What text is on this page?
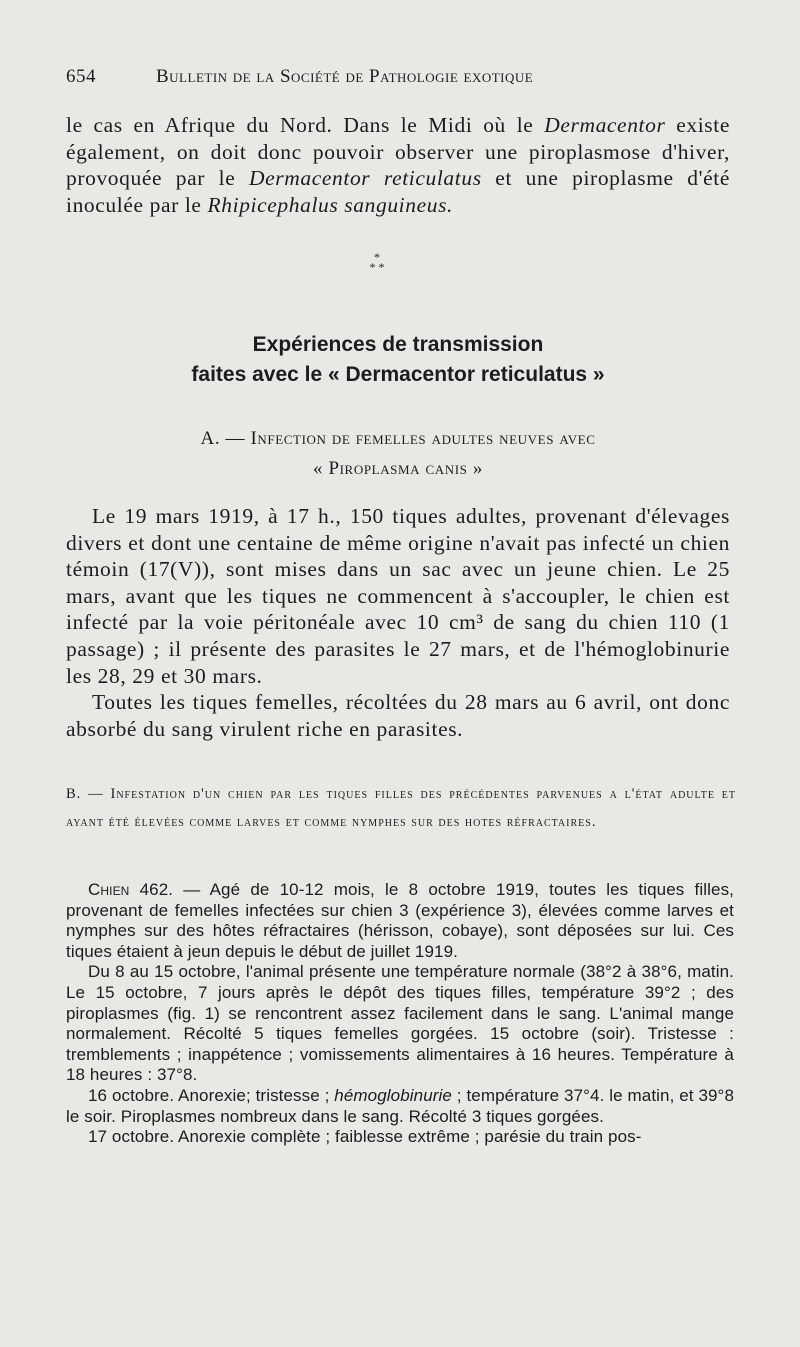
654	Bulletin de la Société de Pathologie exotique

le cas en Afrique du Nord. Dans le Midi où le Dermacentor existe également, on doit donc pouvoir observer une piroplasmose d'hiver, provoquée par le Dermacentor reticulatus et une piroplasme d'été inoculée par le Rhipicephalus sanguineus.

*
* *
Expériences de transmission
faites avec le « Dermacentor reticulatus »
A. — Infection de femelles adultes neuves avec
« Piroplasma canis »

Le 19 mars 1919, à 17 h., 150 tiques adultes, provenant d'élevages divers et dont une centaine de même origine n'avait pas infecté un chien témoin (17(V)), sont mises dans un sac avec un jeune chien. Le 25 mars, avant que les tiques ne commencent à s'accoupler, le chien est infecté par la voie péritonéale avec 10 cm³ de sang du chien 110 (1 passage) ; il présente des parasites le 27 mars, et de l'hémoglobinurie les 28, 29 et 30 mars.

Toutes les tiques femelles, récoltées du 28 mars au 6 avril, ont donc absorbé du sang virulent riche en parasites.

B. — Infestation d'un chien par les tiques filles des précédentes parvenues a l'état adulte et ayant été élevées comme larves et comme nymphes sur des hotes réfractaires.

Chien 462. — Agé de 10-12 mois, le 8 octobre 1919, toutes les tiques filles, provenant de femelles infectées sur chien 3 (expérience 3), élevées comme larves et nymphes sur des hôtes réfractaires (hérisson, cobaye), sont déposées sur lui. Ces tiques étaient à jeun depuis le début de juillet 1919.

Du 8 au 15 octobre, l'animal présente une température normale (38°2 à 38°6, matin. Le 15 octobre, 7 jours après le dépôt des tiques filles, température 39°2 ; des piroplasmes (fig. 1) se rencontrent assez facilement dans le sang. L'animal mange normalement. Récolté 5 tiques femelles gorgées. 15 octobre (soir). Tristesse : tremblements ; inappétence ; vomissements alimentaires à 16 heures. Température à 18 heures : 37°8.

16 octobre. Anorexie; tristesse ; hémoglobinurie ; température 37°4. le matin, et 39°8 le soir. Piroplasmes nombreux dans le sang. Récolté 3 tiques gorgées.

17 octobre. Anorexie complète ; faiblesse extrême ; parésie du train pos-
